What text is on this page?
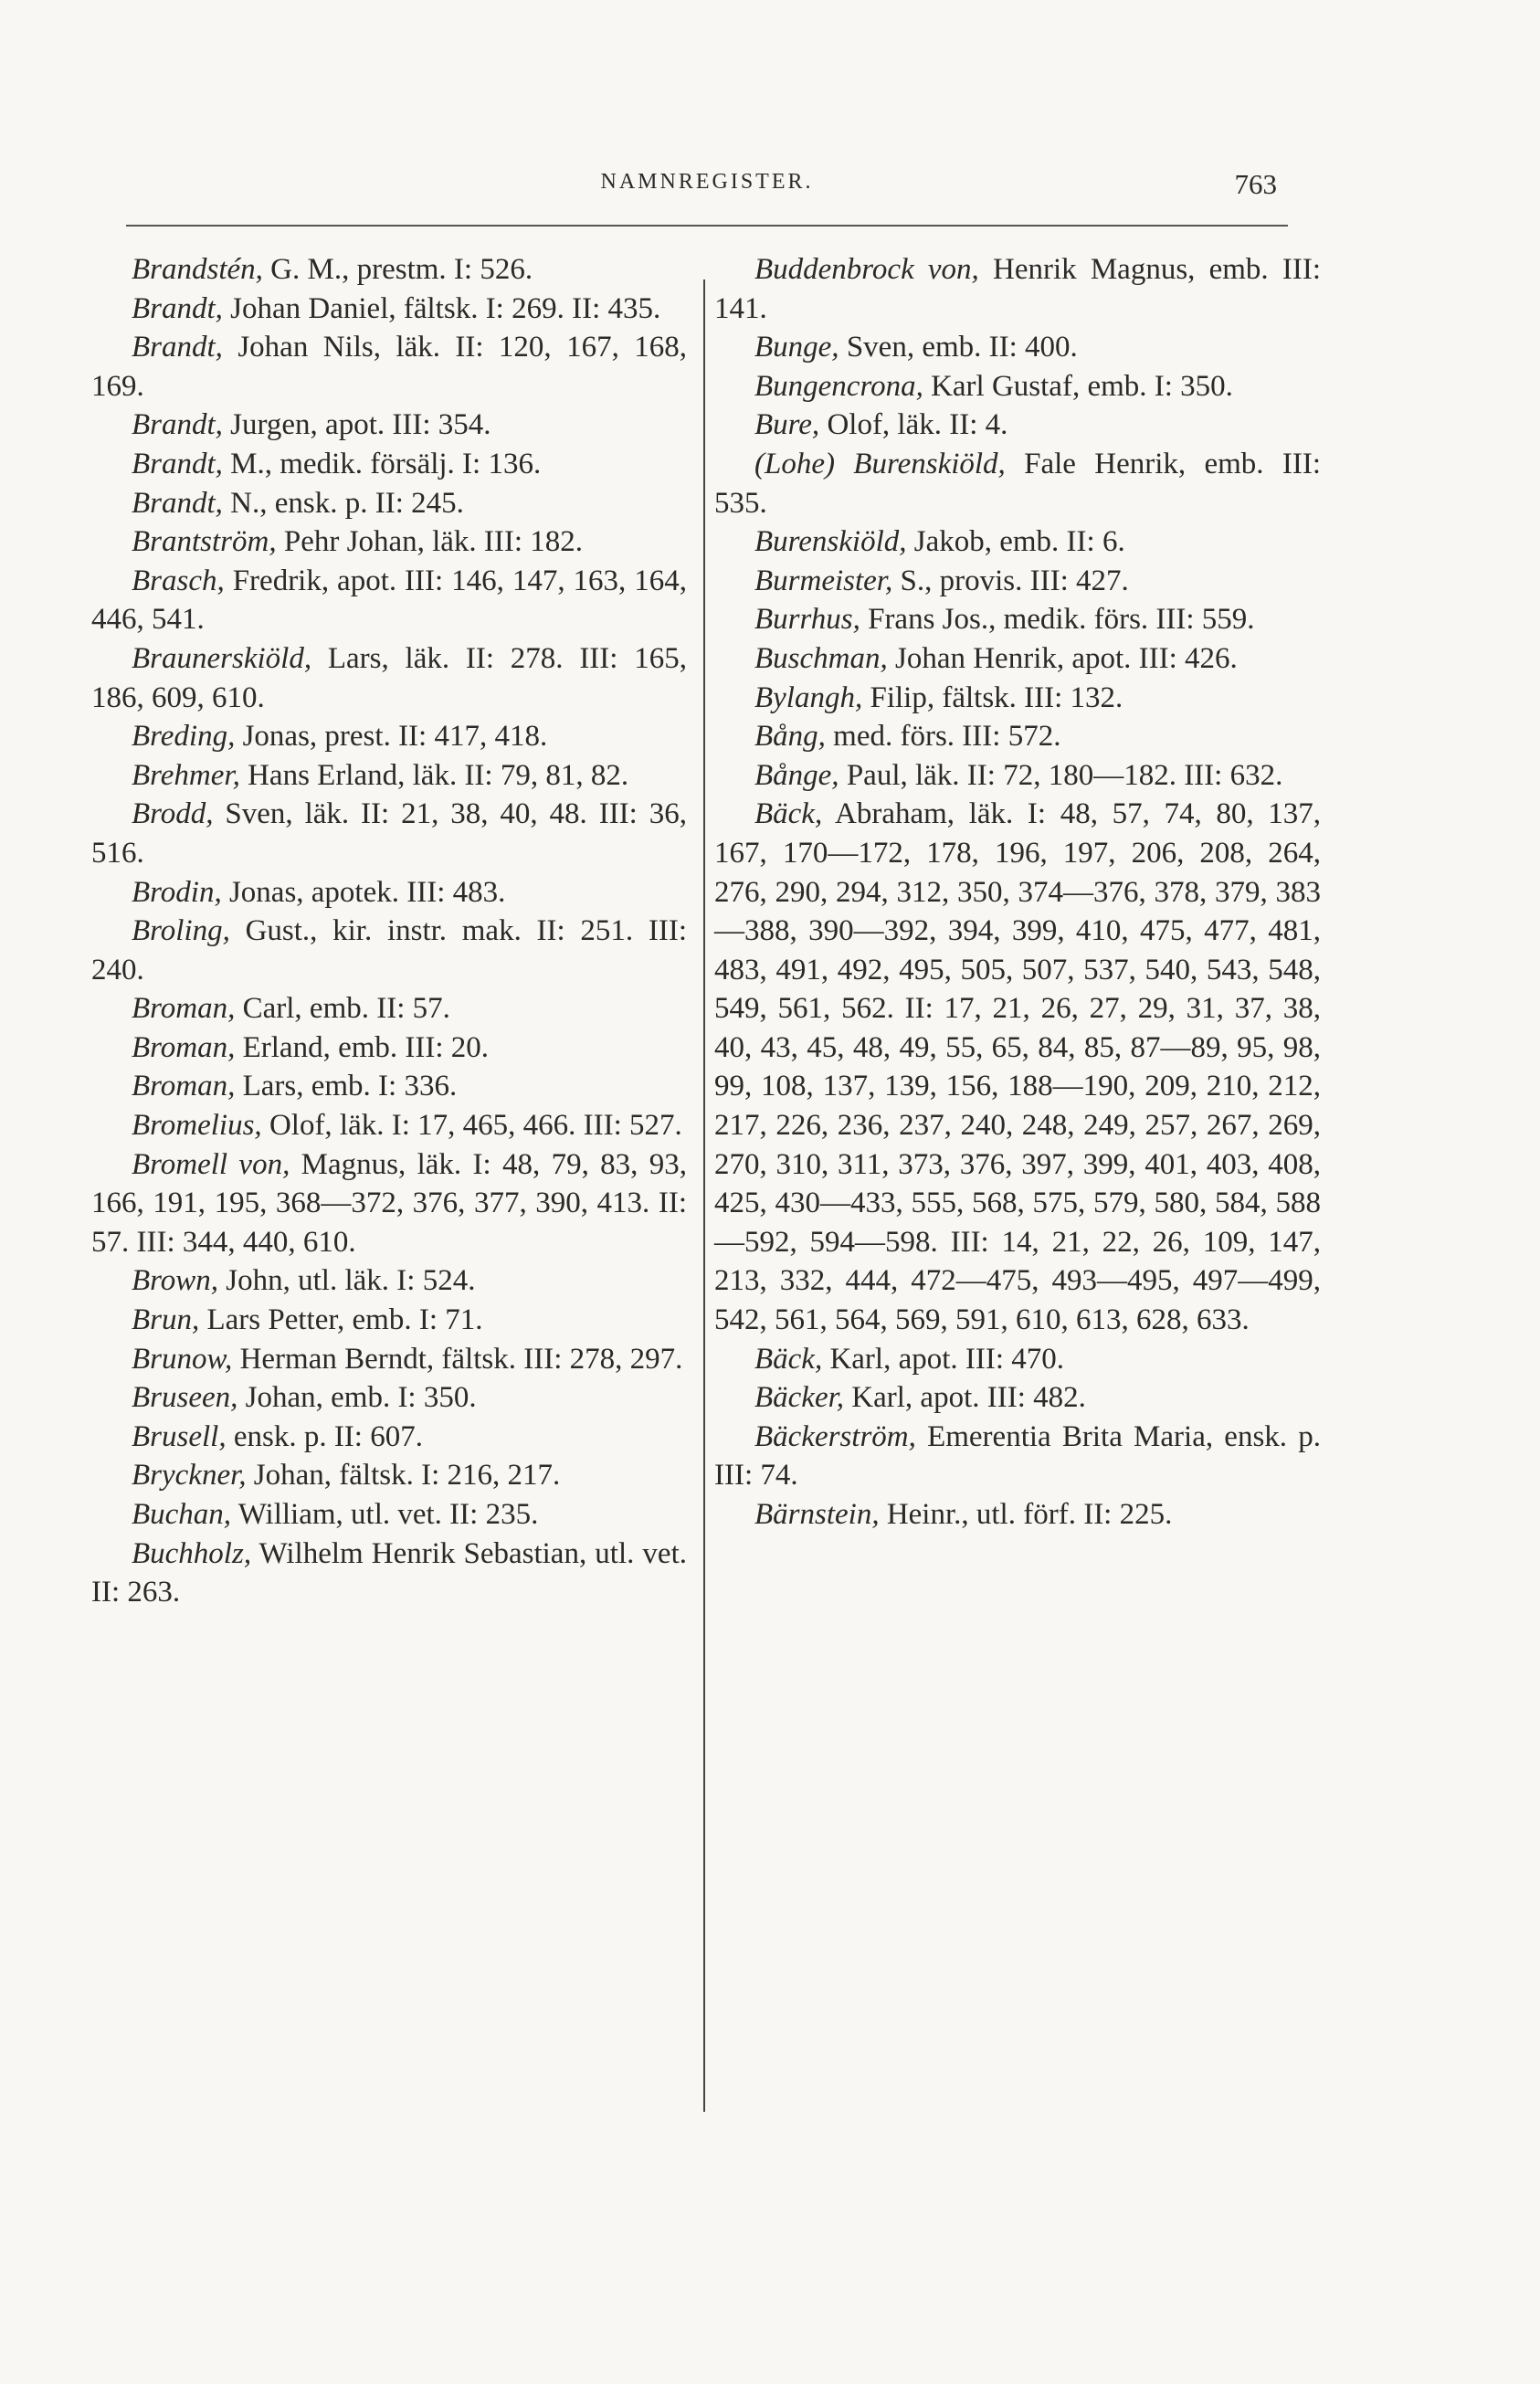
NAMNREGISTER.	763

Brandstén, G. M., prestm. I: 526.

Brandt, Johan Daniel, fältsk. I: 269. II: 435.

Brandt, Johan Nils, läk. II: 120, 167, 168, 169.

Brandt, Jurgen, apot. III: 354.

Brandt, M., medik. försälj. I: 136.

Brandt, N., ensk. p. II: 245.

Brantström, Pehr Johan, läk. III: 182.

Brasch, Fredrik, apot. III: 146, 147, 163, 164, 446, 541.

Braunerskiöld, Lars, läk. II: 278. III: 165, 186, 609, 610.

Breding, Jonas, prest. II: 417, 418.

Brehmer, Hans Erland, läk. II: 79, 81, 82.

Brodd, Sven, läk. II: 21, 38, 40, 48. III: 36, 516.

Brodin, Jonas, apotek. III: 483.

Broling, Gust., kir. instr. mak. II: 251. III: 240.

Broman, Carl, emb. II: 57.

Broman, Erland, emb. III: 20.

Broman, Lars, emb. I: 336.

Bromelius, Olof, läk. I: 17, 465, 466. III: 527.

Bromell von, Magnus, läk. I: 48, 79, 83, 93, 166, 191, 195, 368—372, 376, 377, 390, 413. II: 57. III: 344, 440, 610.

Brown, John, utl. läk. I: 524.

Brun, Lars Petter, emb. I: 71.

Brunow, Herman Berndt, fältsk. III: 278, 297.

Bruseen, Johan, emb. I: 350.

Brusell, ensk. p. II: 607.

Bryckner, Johan, fältsk. I: 216, 217.

Buchan, William, utl. vet. II: 235.

Buchholz, Wilhelm Henrik Sebastian, utl. vet. II: 263.

Buddenbrock von, Henrik Magnus, emb. III: 141.

Bunge, Sven, emb. II: 400.

Bungencrona, Karl Gustaf, emb. I: 350.

Bure, Olof, läk. II: 4.

(Lohe) Burenskiöld, Fale Henrik, emb. III: 535.

Burenskiöld, Jakob, emb. II: 6.

Burmeister, S., provis. III: 427.

Burrhus, Frans Jos., medik. förs. III: 559.

Buschman, Johan Henrik, apot. III: 426.

Bylangh, Filip, fältsk. III: 132.

Bång, med. förs. III: 572.

Bånge, Paul, läk. II: 72, 180—182. III: 632.

Bäck, Abraham, läk. I: 48, 57, 74, 80, 137, 167, 170—172, 178, 196, 197, 206, 208, 264, 276, 290, 294, 312, 350, 374—376, 378, 379, 383—388, 390—392, 394, 399, 410, 475, 477, 481, 483, 491, 492, 495, 505, 507, 537, 540, 543, 548, 549, 561, 562. II: 17, 21, 26, 27, 29, 31, 37, 38, 40, 43, 45, 48, 49, 55, 65, 84, 85, 87—89, 95, 98, 99, 108, 137, 139, 156, 188—190, 209, 210, 212, 217, 226, 236, 237, 240, 248, 249, 257, 267, 269, 270, 310, 311, 373, 376, 397, 399, 401, 403, 408, 425, 430—433, 555, 568, 575, 579, 580, 584, 588—592, 594—598. III: 14, 21, 22, 26, 109, 147, 213, 332, 444, 472—475, 493—495, 497—499, 542, 561, 564, 569, 591, 610, 613, 628, 633.

Bäck, Karl, apot. III: 470.

Bäcker, Karl, apot. III: 482.

Bäckerström, Emerentia Brita Maria, ensk. p. III: 74.

Bärnstein, Heinr., utl. förf. II: 225.
